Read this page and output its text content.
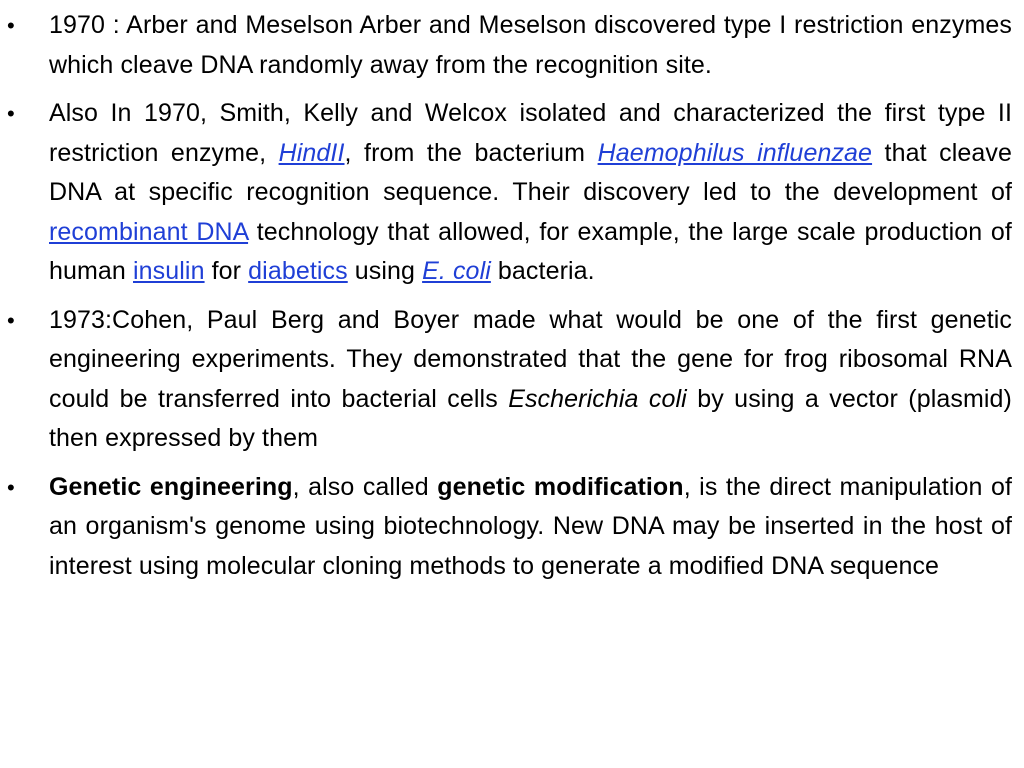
• 1970 : Arber and Meselson Arber and Meselson discovered type I restriction enzymes which cleave DNA randomly away from the recognition site.
• Also In 1970, Smith, Kelly and Welcox isolated and characterized the first type II restriction enzyme, HindII, from the bacterium Haemophilus influenzae that cleave DNA at specific recognition sequence. Their discovery led to the development of recombinant DNA technology that allowed, for example, the large scale production of human insulin for diabetics using E. coli bacteria.
• 1973:Cohen, Paul Berg and Boyer made what would be one of the first genetic engineering experiments. They demonstrated that the gene for frog ribosomal RNA could be transferred into bacterial cells Escherichia coli by using a vector (plasmid) then expressed by them
• Genetic engineering, also called genetic modification, is the direct manipulation of an organism's genome using biotechnology. New DNA may be inserted in the host of interest using molecular cloning methods to generate a modified DNA sequence
